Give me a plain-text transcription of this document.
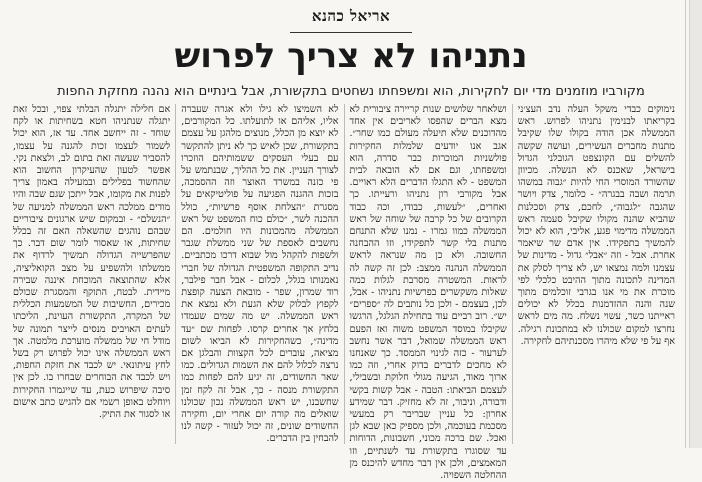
אריאל כהנא
נתניהו לא צריך לפרוש
מקורביו מוזמנים מדי יום לחקירות, הוא ומשפחתו נשחטים בתקשורת, אבל בינתיים הוא נהנה מחזקת החפות

נימוקים כבדי משקל העלה נדב העצ׳ני בקריאתו לבנימין נתניהו לפרוש. ראש הממשלה אכן הודה בקולו שלו שקיבל מתנות מחברים העשירים, ועושה שקשה להשלים עם הקונצפט הגובלני הגדול בישראל, שאכנס לא הנשלה. מכיוון שהשורד המוסרי החי להיות ״גבוה במשהו תרמה ושבה בבגרה״ - כלומר, צדק ויושר שהגבה ״לגבוה״, לחכם, צדק וסכלנות שהביא שהנה מקולו שקיבל סעמה ראש הממשלה מדימוי פגע, אליבי, הוא לא יכול להמשיך בתפקידו. אין אדם שר שיאמר אחרת. אבל - וזה ״אבל״ גדול - מדינות של עצמנו ולמה נמצאו יש, לא צריך לסלק את המדינה לתכונה מתוך ההיבט כלכלי לפי מוכרת את מי אנו בגרבי זוכלמים מתוך שנה והנה ההזדמנות בכלל לא יכולים ראייתנו כשר, עשוי נשלח. מה מים לראש נחרצו למקום שכולנו לא במתכונת רגילה. אף על פי שלא מיהרו מסכנתיהם לחקירה.

ושלאחר שלושים שנות קריירה ציבורית לא מצא הברים שהפסו לאריבים אין אחד מהדוכנים שלא תיעלה מעולם כמו שחר״. אגב אנו יודעים שלמלות החקירות פולשניות המוכרות כבר סדרה, הוא ומשפחתו, וגם אם לא הובאה לבית המשפט - לא התגלו הדברים הלא ראויים. אבל מקורבי רון נתניהו ורעייתו. כך ואחרים, ״לעשות, כבודו, וכה כבוד הקרובים של כל קרבה של שוחה של ראש הממשלה כמוו גמרו - נמנו שלא התנחם מתנות בלי קשר לתפקידו, וזו ההבחנה החשובה. ולא כן מה שנראה לראש הממשלה הנהנה ממצב: לכן זה קשה לה לראות. המשטרה מסרבת לגלות כמה שאלות משקשרים בפרשיות נתניהו - אבל, לכן, בעצמם - ולכן כל נותבים לה ״ספרים״ יש״. רוב רביים עוד בתחילת הגלגל, הרגשו שקיבלו במוסד המשפט משוה ואז הפעם ראש הממשלה שמואל, דבר אשר נחשב לערעור - כזה לגינוי הממסד. כך שאנחנו לא מחכים לדברים בדוק אחרי, וזה כמו ארוך מאוד, הגיעה מגולי חלוקת ובשבילי, לעצמם הביאתו: הטבה - אבל קשות בקשי ודבורה, וניבור, זה לא מחזיק. דבר שמידע אחרון: כל עניין שבריבר רק במעשי מסכמת בעוכמה, ולכן מספיק כאן שבא לגן ואכל. שם ברכה מכוני, חשבונות, הדוחות עד שסוגרו בתקשורת עד לשנתיים, וזו המאמצים, ולכן אין דבר מחדש להיכנס מן ההחלטה השפויה.

לא השמיצו לא גילו ולא אגרה שעברה אליו, אליהם או לתועלתו. כל המקורבים, לא יוצא מן הכלל, מנוצים מלהגן על עצמם בתקשורת, שכן לאיש כך לא ניתן להתקשר עם בעלי העסקים ששמותיהם הוזכרו לצורך העניין. את כל ההליך, שבנתמש על פי כזנה במשרד האוצר וזה ההסמכה, בזכות ההגנה הפגיעה על פוליטיקאים על מסגרת ״הצלחת אוסף פרשיות״, כולל ההכנה לשר, ״כולם כוח המשפט של ראש הממשלה מהמכונות היו חולמים. הם נחשבים לאספת של שני ממשלת שגבר ולשפות להקהל מול שבוא דרכו מכתביים. נדיב התקופה המשפטית הגדולה של חברי נאמנותו בגלל, לכלום - אבל חבר פילבר, רוד שמרון, שפר - מובאת הצעה קופצת לקפוץ לבלוק שלא הגעת ולא נמצא את ראש הממשלה. יש מה שמים שעמדו בלחץ אך אחרים קרסו. לפחות שם ״עד מדינה״, כשהחקירות לא הביאו לשום מציאה, עוברים לכל הקצוות והבלגן אם נרצה לכלול להם את השמות הגדולים. כמו שאר החשודים, זה יגיע להם לפחות כמו התקשורת מנסה - כך, אבל זה לקח זמן שחשבנו, יש ראש הממשלה נכון שכולנו שואלים מה קורה יום אחרי יום, וחקירה החשודים שונים, זה יכול לעזור - קשה לנו להבחין בין הדברים.

אם חלילה יתגלה הבלתי צפוי, ובכל זאת יתגלה שנתניהו חטא בשחיתות או לקח שוחד - זה ייחשב אחד. עד אז, הוא יכול לשמור לעצמו זכות להגנה על עצמו, להסביר שעשה זאת בתום לב, ולצאת נקי. אפשר לטעון שהעיקרון החשוב הוא שהחשוד בפלילים ובמעילה באמון צריך לפנות את מקומו, אבל ייתכן שגם שבה והיו מודים ממלכה ראש הממשלה למניעה של ״הנשלם״ - ובמקום שיש ארגונים ציבוריים שבהם נוהגים שהשאלה האם זה בכלל שחיתות, או שאסור לומר שום דבר. כך שהפרשייה הגדולה תמשיך לרדוף את ממשלתו ולהשפיע על מצב הקואליציה, אלא שהתוצאה המוכחת איננה שבירה מיידית. לבטח, התוקף והמסגרת שכולם מכירים, החשיבות של המשמעות הכללית של המקרה, התקשורת העוינת, הליכתו לעתים האויבים מנסים לייצר תמונה של מודל חי של ממשלה מוערכת מלמטה. אך ראש הממשלה אינו יכול לפרוש רק בשל לחץ עיתונאי. יש לכבד את חזקת החפות, ויש לכבד את הבוחרים שבחרו בו. לכן אין סיבה שיפרוש כעת, עד שייגמרו החקירות ויוחלט באופן רשמי אם להגיש כתב אישום או לסגור את התיק.
